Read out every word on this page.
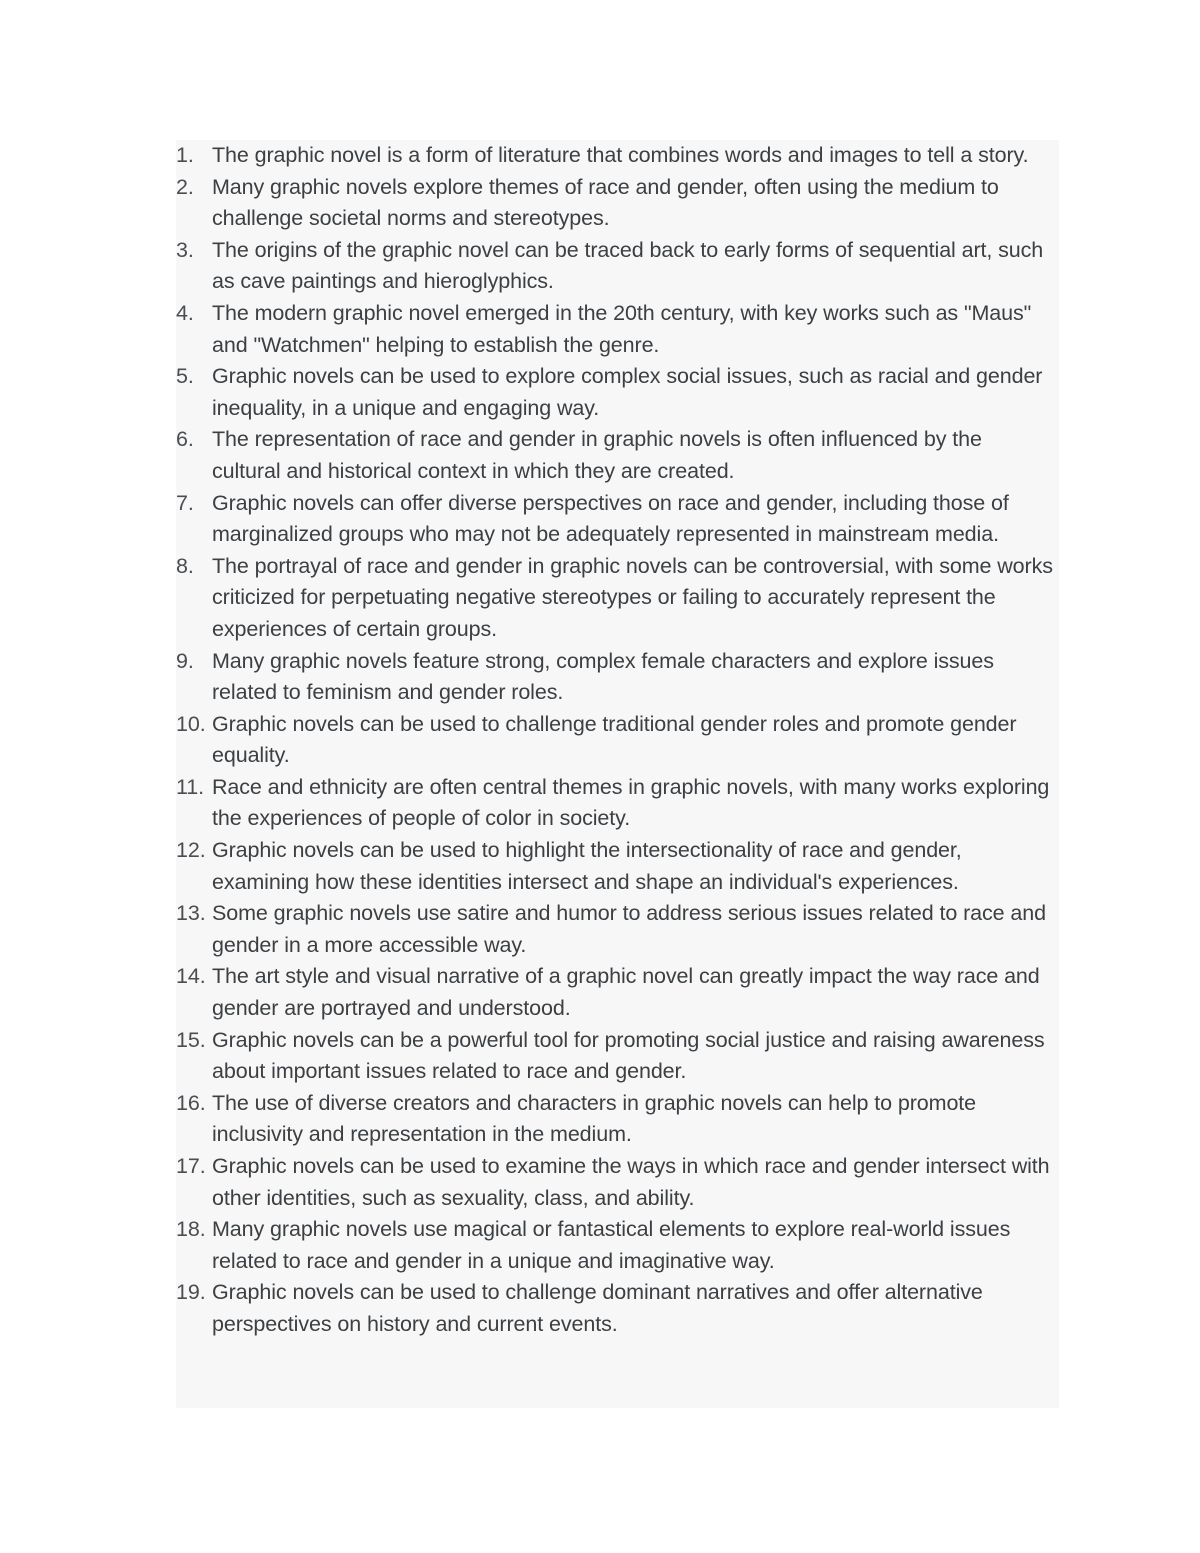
1. The graphic novel is a form of literature that combines words and images to tell a story.
2. Many graphic novels explore themes of race and gender, often using the medium to challenge societal norms and stereotypes.
3. The origins of the graphic novel can be traced back to early forms of sequential art, such as cave paintings and hieroglyphics.
4. The modern graphic novel emerged in the 20th century, with key works such as "Maus" and "Watchmen" helping to establish the genre.
5. Graphic novels can be used to explore complex social issues, such as racial and gender inequality, in a unique and engaging way.
6. The representation of race and gender in graphic novels is often influenced by the cultural and historical context in which they are created.
7. Graphic novels can offer diverse perspectives on race and gender, including those of marginalized groups who may not be adequately represented in mainstream media.
8. The portrayal of race and gender in graphic novels can be controversial, with some works criticized for perpetuating negative stereotypes or failing to accurately represent the experiences of certain groups.
9. Many graphic novels feature strong, complex female characters and explore issues related to feminism and gender roles.
10. Graphic novels can be used to challenge traditional gender roles and promote gender equality.
11. Race and ethnicity are often central themes in graphic novels, with many works exploring the experiences of people of color in society.
12. Graphic novels can be used to highlight the intersectionality of race and gender, examining how these identities intersect and shape an individual's experiences.
13. Some graphic novels use satire and humor to address serious issues related to race and gender in a more accessible way.
14. The art style and visual narrative of a graphic novel can greatly impact the way race and gender are portrayed and understood.
15. Graphic novels can be a powerful tool for promoting social justice and raising awareness about important issues related to race and gender.
16. The use of diverse creators and characters in graphic novels can help to promote inclusivity and representation in the medium.
17. Graphic novels can be used to examine the ways in which race and gender intersect with other identities, such as sexuality, class, and ability.
18. Many graphic novels use magical or fantastical elements to explore real-world issues related to race and gender in a unique and imaginative way.
19. Graphic novels can be used to challenge dominant narratives and offer alternative perspectives on history and current events.
